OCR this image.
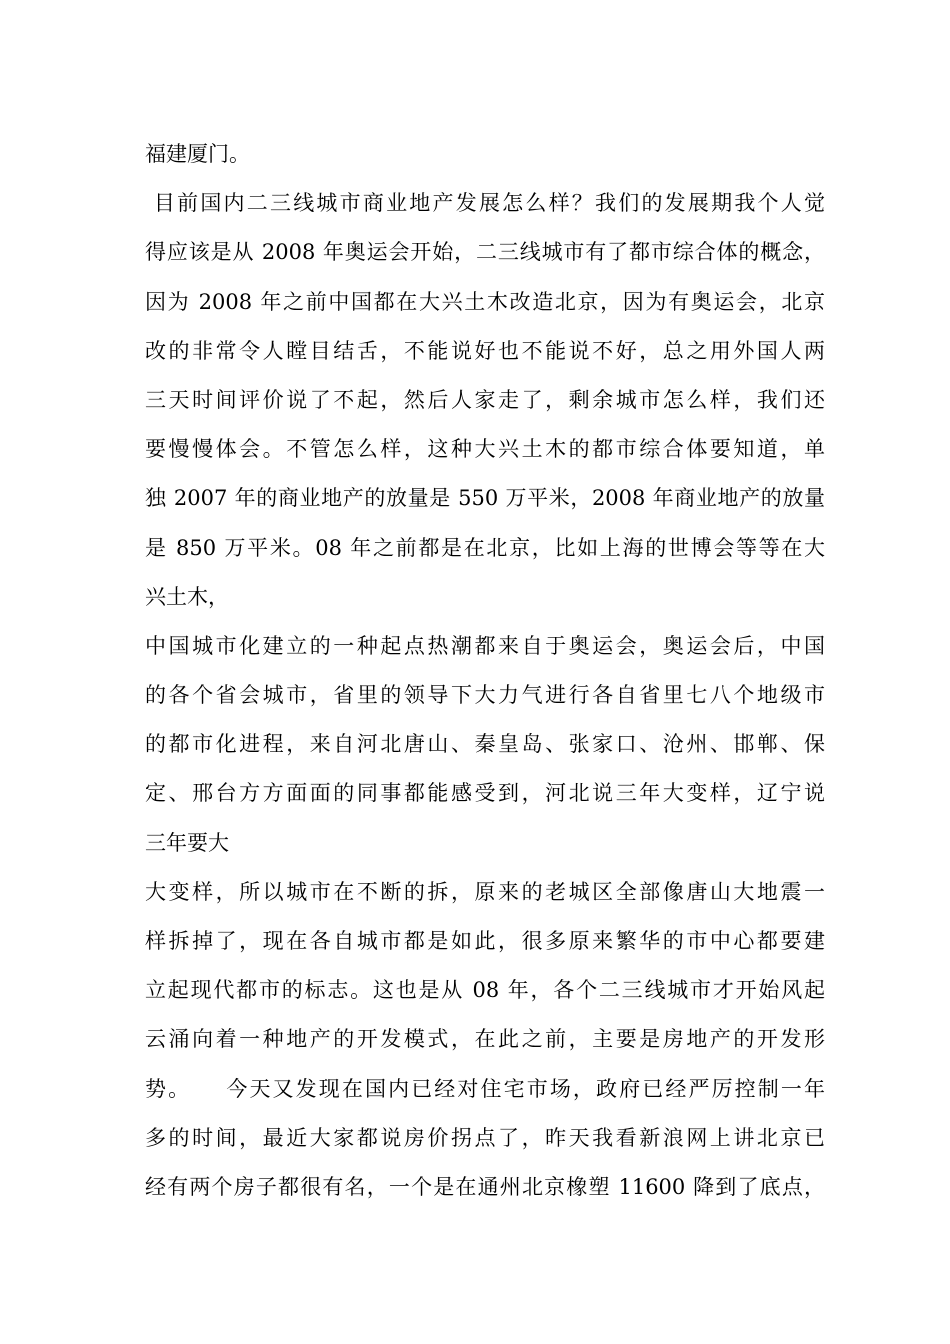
福建厦门。
目前国内二三线城市商业地产发展怎么样？我们的发展期我个人觉
得应该是从 2008 年奥运会开始，二三线城市有了都市综合体的概念，
因为 2008 年之前中国都在大兴土木改造北京，因为有奥运会，北京
改的非常令人瞠目结舌，不能说好也不能说不好，总之用外国人两
三天时间评价说了不起，然后人家走了，剩余城市怎么样，我们还
要慢慢体会。不管怎么样，这种大兴土木的都市综合体要知道，单
独 2007 年的商业地产的放量是 550 万平米，2008 年商业地产的放量
是 850 万平米。08 年之前都是在北京，比如上海的世博会等等在大
兴土木，
中国城市化建立的一种起点热潮都来自于奥运会，奥运会后，中国
的各个省会城市，省里的领导下大力气进行各自省里七八个地级市
的都市化进程，来自河北唐山、秦皇岛、张家口、沧州、邯郸、保
定、邢台方方面面的同事都能感受到，河北说三年大变样，辽宁说
三年要大
大变样，所以城市在不断的拆，原来的老城区全部像唐山大地震一
样拆掉了，现在各自城市都是如此，很多原来繁华的市中心都要建
立起现代都市的标志。这也是从 08 年，各个二三线城市才开始风起
云涌向着一种地产的开发模式，在此之前，主要是房地产的开发形
势。    今天又发现在国内已经对住宅市场，政府已经严厉控制一年
多的时间，最近大家都说房价拐点了，昨天我看新浪网上讲北京已
经有两个房子都很有名，一个是在通州北京橡塑 11600 降到了底点，
